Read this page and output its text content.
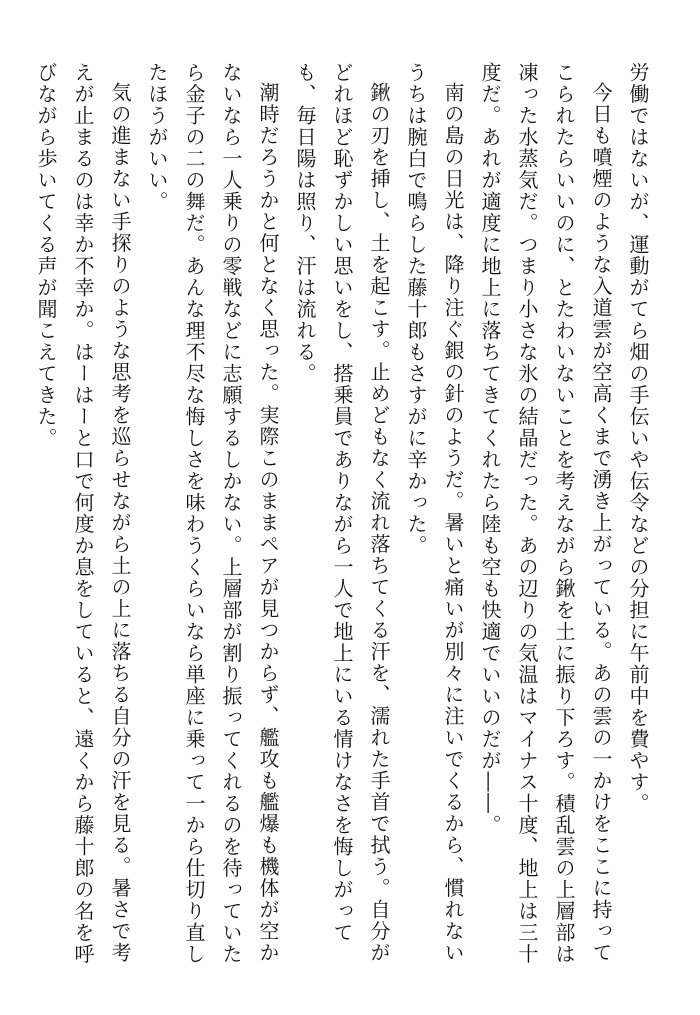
労働ではないが、運動がてら畑の手伝いや伝令などの分担に午前中を費やす。
今日も噴煙のような入道雲が空高くまで湧き上がっている。あの雲の一かけをここに持って
こられたらいいのに、とたわいないことを考えながら鍬を土に振り下ろす。積乱雲の上層部は
凍った水蒸気だ。つまり小さな氷の結晶だった。あの辺りの気温はマイナス十度、地上は三十
度だ。あれが適度に地上に落ちてきてくれたら陸も空も快適でいいのだが――。
南の島の日光は、降り注ぐ銀の針のようだ。暑いと痛いが別々に注いでくるから、慣れない
うちは腕白で鳴らした藤十郎もさすがに辛かった。
鍬の刃を挿し、土を起こす。止めどもなく流れ落ちてくる汗を、濡れた手首で拭う。自分が
どれほど恥ずかしい思いをし、搭乗員でありながら一人で地上にいる情けなさを悔しがって
も、毎日陽は照り、汗は流れる。
潮時だろうかと何となく思った。実際このままペアが見つからず、艦攻も艦爆も機体が空か
ないなら一人乗りの零戦などに志願するしかない。上層部が割り振ってくれるのを待っていた
ら金子の二の舞だ。あんな理不尽な悔しさを味わうくらいなら単座に乗って一から仕切り直し
たほうがいい。
気の進まない手探りのような思考を巡らせながら土の上に落ちる自分の汗を見る。暑さで考
えが止まるのは幸か不幸か。はーはーと口で何度か息をしていると、遠くから藤十郎の名を呼
びながら歩いてくる声が聞こえてきた。
